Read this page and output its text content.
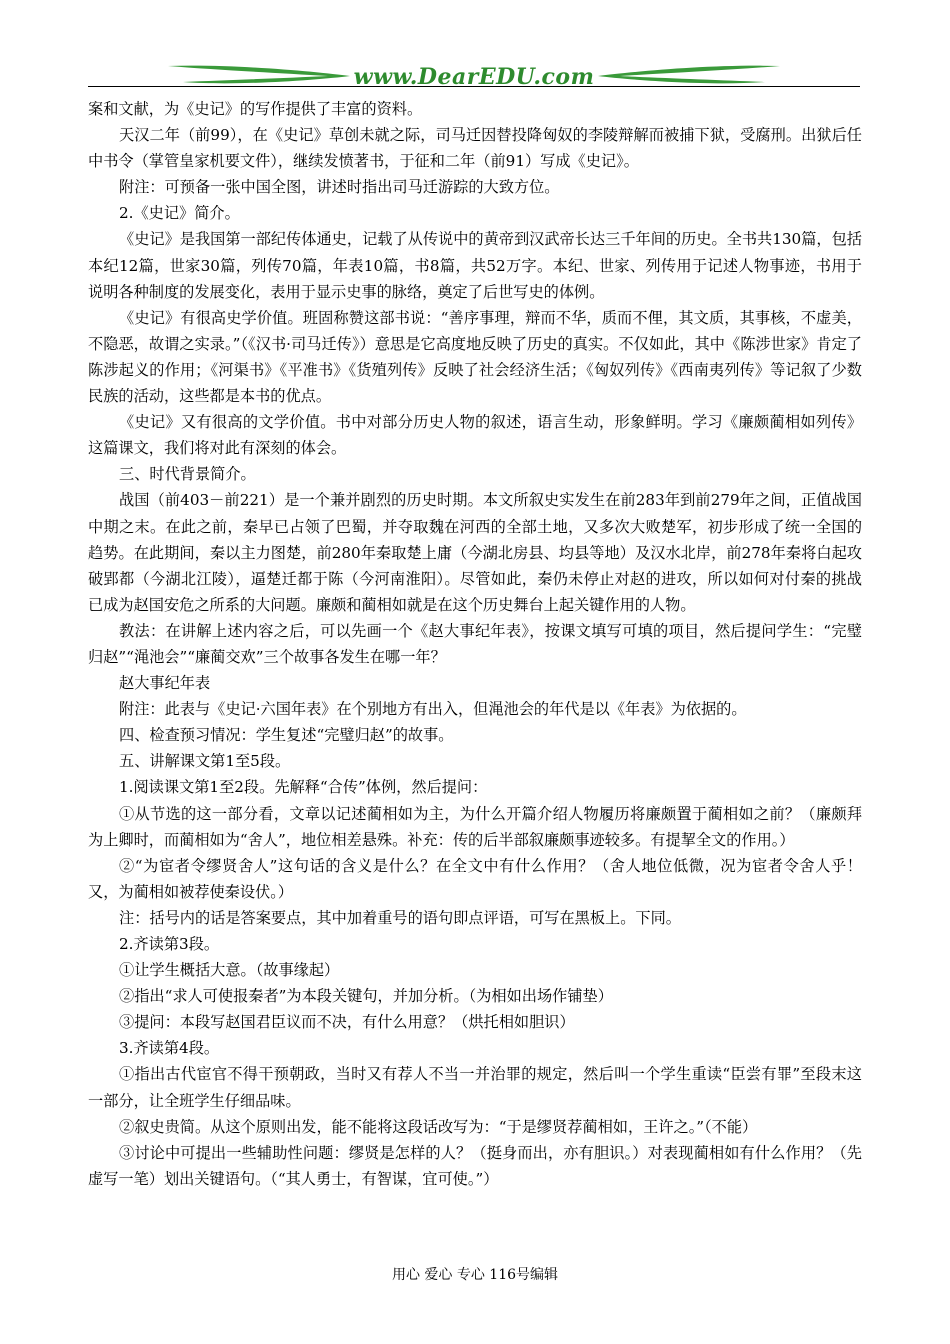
www.DearEDU.com

案和文献，为《史记》的写作提供了丰富的资料。

天汉二年（前99），在《史记》草创未就之际，司马迁因替投降匈奴的李陵辩解而被捕下狱，受腐刑。出狱后任中书令（掌管皇家机要文件），继续发愤著书，于征和二年（前91）写成《史记》。

附注：可预备一张中国全图，讲述时指出司马迁游踪的大致方位。

2.《史记》简介。

《史记》是我国第一部纪传体通史，记载了从传说中的黄帝到汉武帝长达三千年间的历史。全书共130篇，包括本纪12篇，世家30篇，列传70篇，年表10篇，书8篇，共52万字。本纪、世家、列传用于记述人物事迹，书用于说明各种制度的发展变化，表用于显示史事的脉络，奠定了后世写史的体例。

《史记》有很高史学价值。班固称赞这部书说：“善序事理，辩而不华，质而不俚，其文质，其事核，不虚美，不隐恶，故谓之实录。”（《汉书·司马迁传》）意思是它高度地反映了历史的真实。不仅如此，其中《陈涉世家》肯定了陈涉起义的作用；《河渠书》《平准书》《货殖列传》反映了社会经济生活；《匈奴列传》《西南夷列传》等记叙了少数民族的活动，这些都是本书的优点。

《史记》又有很高的文学价值。书中对部分历史人物的叙述，语言生动，形象鲜明。学习《廉颇蔺相如列传》这篇课文，我们将对此有深刻的体会。

三、时代背景简介。

战国（前403－前221）是一个兼并剧烈的历史时期。本文所叙史实发生在前283年到前279年之间，正值战国中期之末。在此之前，秦早已占领了巴蜀，并夺取魏在河西的全部土地，又多次大败楚军，初步形成了统一全国的趋势。在此期间，秦以主力图楚，前280年秦取楚上庸（今湖北房县、均县等地）及汉水北岸，前278年秦将白起攻破郢都（今湖北江陵），逼楚迁都于陈（今河南淮阳）。尽管如此，秦仍未停止对赵的进攻，所以如何对付秦的挑战已成为赵国安危之所系的大问题。廉颇和蔺相如就是在这个历史舞台上起关键作用的人物。

教法：在讲解上述内容之后，可以先画一个《赵大事纪年表》，按课文填写可填的项目，然后提问学生：“完璧归赵”“渑池会”“廉蔺交欢”三个故事各发生在哪一年？

赵大事纪年表

附注：此表与《史记·六国年表》在个别地方有出入，但渑池会的年代是以《年表》为依据的。

四、检查预习情况：学生复述“完璧归赵”的故事。

五、讲解课文第1至5段。

1.阅读课文第1至2段。先解释“合传”体例，然后提问：

①从节选的这一部分看，文章以记述蔺相如为主，为什么开篇介绍人物履历将廉颇置于蔺相如之前？（廉颇拜为上卿时，而蔺相如为“舍人”，地位相差悬殊。补充：传的后半部叙廉颇事迹较多。有提挈全文的作用。）

②“为宦者令缪贤舍人”这句话的含义是什么？在全文中有什么作用？（舍人地位低微，况为宦者令舍人乎！又，为蔺相如被荐使秦设伏。）

注：括号内的话是答案要点，其中加着重号的语句即点评语，可写在黑板上。下同。

2.齐读第3段。

①让学生概括大意。（故事缘起）

②指出“求人可使报秦者”为本段关键句，并加分析。（为相如出场作铺垫）

③提问：本段写赵国君臣议而不决，有什么用意？（烘托相如胆识）

3.齐读第4段。

①指出古代宦官不得干预朝政，当时又有荐人不当一并治罪的规定，然后叫一个学生重读“臣尝有罪”至段末这一部分，让全班学生仔细品味。

②叙史贵简。从这个原则出发，能不能将这段话改写为：“于是缪贤荐蔺相如，王许之。”（不能）

③讨论中可提出一些辅助性问题：缪贤是怎样的人？（挺身而出，亦有胆识。）对表现蔺相如有什么作用？（先虚写一笔）划出关键语句。（“其人勇士，有智谋，宜可使。”）

用心 爱心 专心 116号编辑
